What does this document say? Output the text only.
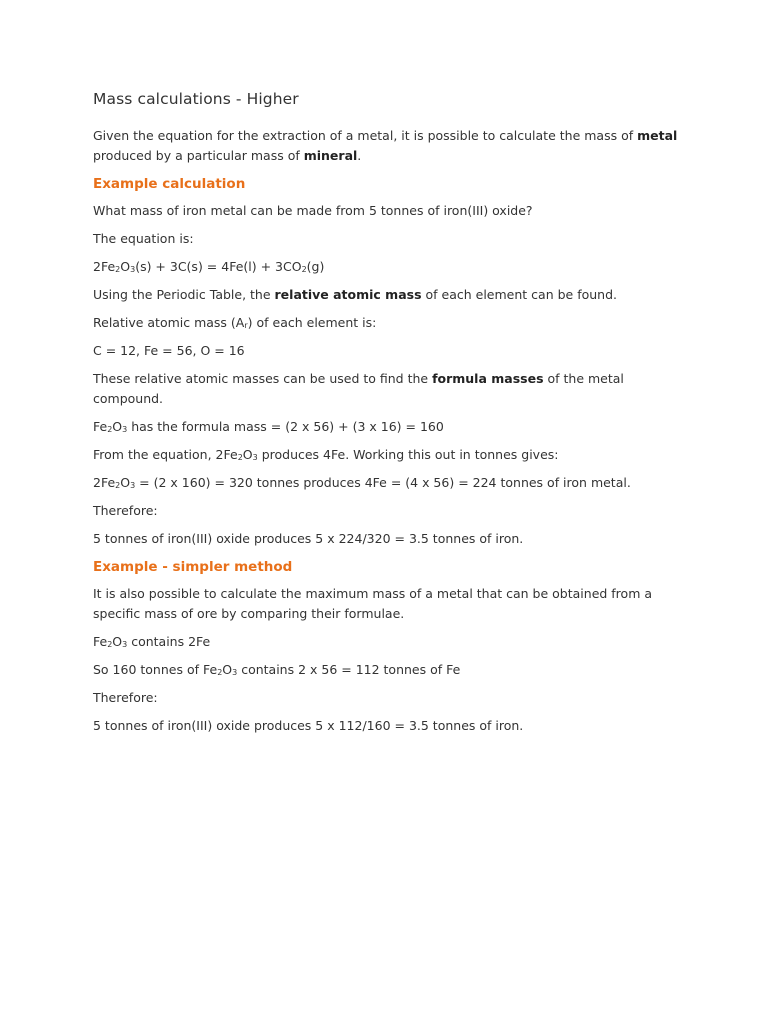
Mass calculations - Higher

Given the equation for the extraction of a metal, it is possible to calculate the mass of metal produced by a particular mass of mineral.

Example calculation

What mass of iron metal can be made from 5 tonnes of iron(III) oxide?

The equation is:

$2Fe_2O_3(s) + 3C(s) = 4Fe(l) + 3CO_2(g)$

Using the Periodic Table, the relative atomic mass of each element can be found.

Relative atomic mass $(A_r)$ of each element is:

C = 12, Fe = 56, O = 16

These relative atomic masses can be used to find the formula masses of the metal compound.

$Fe_2O_3$ has the formula mass = (2 x 56) + (3 x 16) = 160

From the equation, $2Fe_2O_3$ produces 4Fe. Working this out in tonnes gives:

$2Fe_2O_3 = (2$ x 160) = 320 tonnes produces 4Fe = (4 x 56) = 224 tonnes of iron metal.

Therefore:

5 tonnes of iron(III) oxide produces 5 x 224/320 = 3.5 tonnes of iron.

Example - simpler method

It is also possible to calculate the maximum mass of a metal that can be obtained from a specific mass of ore by comparing their formulae.

$Fe_2O_3$ contains 2Fe

So 160 tonnes of $Fe_2O_3$ contains 2 x 56 = 112 tonnes of Fe

Therefore:

5 tonnes of iron(III) oxide produces 5 x 112/160 = 3.5 tonnes of iron.
